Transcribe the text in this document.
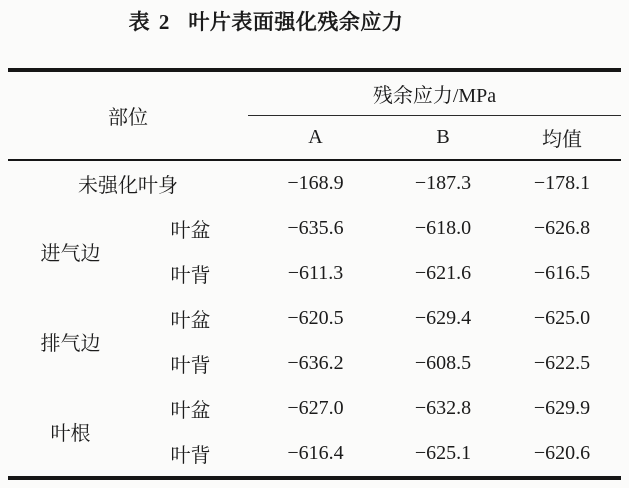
表 2 叶片表面强化残余应力
部位		残余应力/MPa		
		A	B	均值
未强化叶身		−168.9	−187.3	−178.1
进气边	叶盆	−635.6	−618.0	−626.8
	叶背	−611.3	−621.6	−616.5
排气边	叶盆	−620.5	−629.4	−625.0
	叶背	−636.2	−608.5	−622.5
叶根	叶盆	−627.0	−632.8	−629.9
	叶背	−616.4	−625.1	−620.6
